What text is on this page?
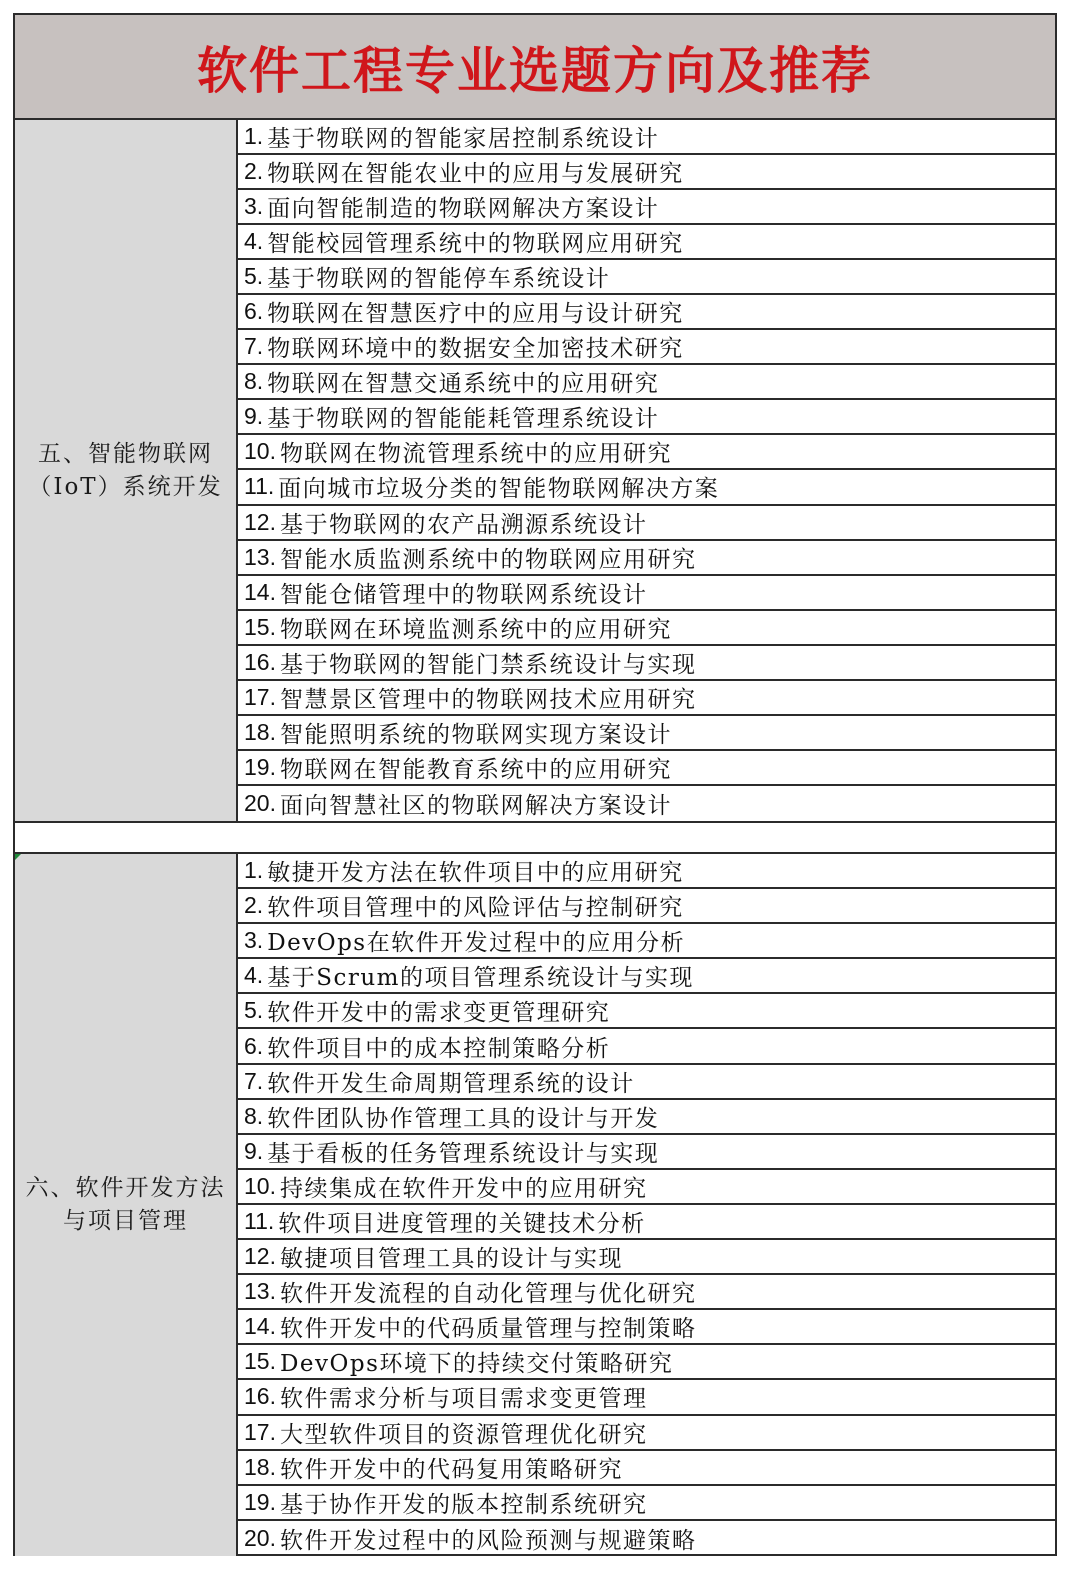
软件工程专业选题方向及推荐
五、智能物联网
（IoT）系统开发
1. 基于物联网的智能家居控制系统设计
2. 物联网在智能农业中的应用与发展研究
3. 面向智能制造的物联网解决方案设计
4. 智能校园管理系统中的物联网应用研究
5. 基于物联网的智能停车系统设计
6. 物联网在智慧医疗中的应用与设计研究
7. 物联网环境中的数据安全加密技术研究
8. 物联网在智慧交通系统中的应用研究
9. 基于物联网的智能能耗管理系统设计
10. 物联网在物流管理系统中的应用研究
11. 面向城市垃圾分类的智能物联网解决方案
12. 基于物联网的农产品溯源系统设计
13. 智能水质监测系统中的物联网应用研究
14. 智能仓储管理中的物联网系统设计
15. 物联网在环境监测系统中的应用研究
16. 基于物联网的智能门禁系统设计与实现
17. 智慧景区管理中的物联网技术应用研究
18. 智能照明系统的物联网实现方案设计
19. 物联网在智能教育系统中的应用研究
20. 面向智慧社区的物联网解决方案设计
六、软件开发方法
与项目管理
1. 敏捷开发方法在软件项目中的应用研究
2. 软件项目管理中的风险评估与控制研究
3. DevOps在软件开发过程中的应用分析
4. 基于Scrum的项目管理系统设计与实现
5. 软件开发中的需求变更管理研究
6. 软件项目中的成本控制策略分析
7. 软件开发生命周期管理系统的设计
8. 软件团队协作管理工具的设计与开发
9. 基于看板的任务管理系统设计与实现
10. 持续集成在软件开发中的应用研究
11. 软件项目进度管理的关键技术分析
12. 敏捷项目管理工具的设计与实现
13. 软件开发流程的自动化管理与优化研究
14. 软件开发中的代码质量管理与控制策略
15. DevOps环境下的持续交付策略研究
16. 软件需求分析与项目需求变更管理
17. 大型软件项目的资源管理优化研究
18. 软件开发中的代码复用策略研究
19. 基于协作开发的版本控制系统研究
20. 软件开发过程中的风险预测与规避策略
